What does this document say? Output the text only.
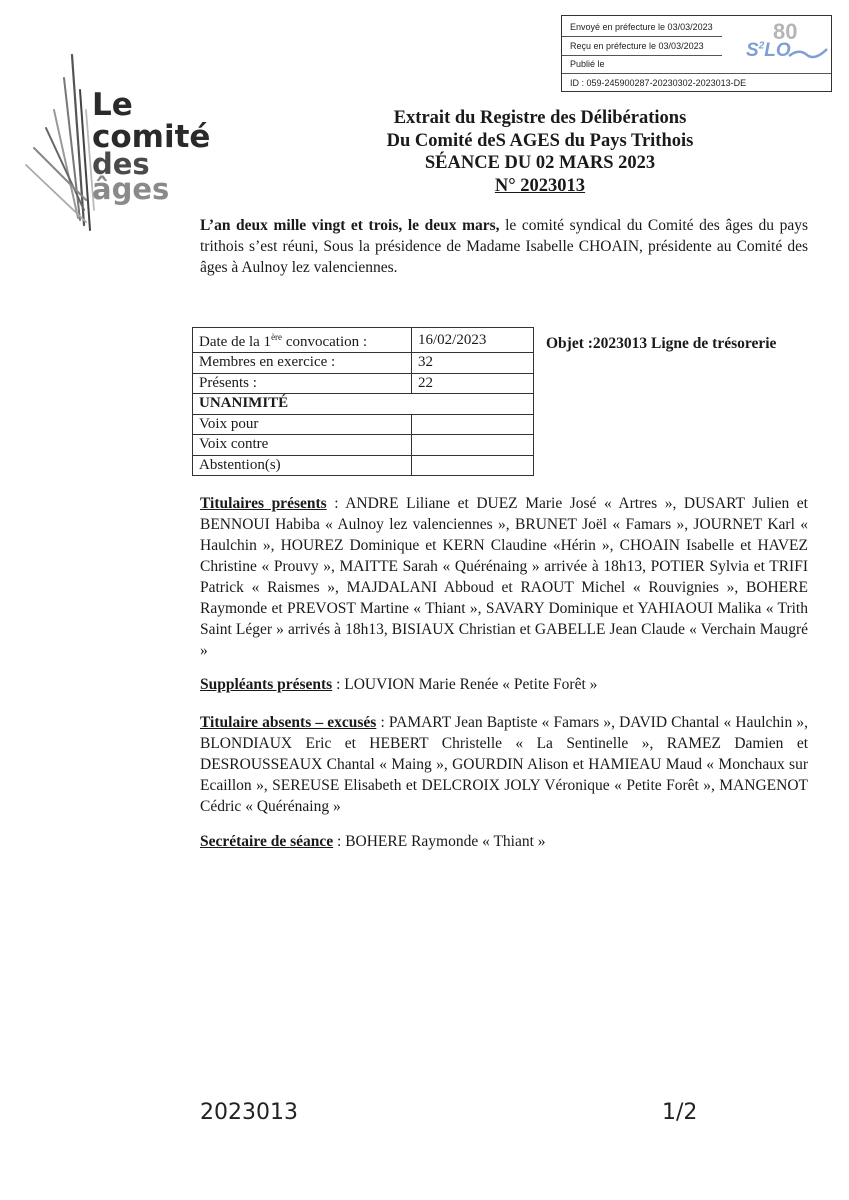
Envoyé en préfecture le 03/03/2023
Reçu en préfecture le 03/03/2023
Publié le
ID : 059-245900287-20230302-2023013-DE
80
$S^2LO$
Le
comité
des
âges
Extrait du Registre des Délibérations
Du Comité deS AGES du Pays Trithois
SÉANCE DU 02 MARS 2023
N° 2023013
L’an deux mille vingt et trois, le deux mars, le comité syndical du Comité des âges du pays trithois s’est réuni, Sous la présidence de Madame Isabelle CHOAIN, présidente au Comité des âges à Aulnoy lez valenciennes.
Date de la 1ère convocation :	16/02/2023
Membres en exercice :	32
Présents :	22
UNANIMITÉ	
Voix pour	
Voix contre	
Abstention(s)	
Objet :2023013 Ligne de trésorerie
Titulaires présents : ANDRE Liliane et DUEZ Marie José « Artres », DUSART Julien et BENNOUI Habiba « Aulnoy lez valenciennes », BRUNET Joël « Famars », JOURNET Karl « Haulchin », HOUREZ Dominique et KERN Claudine «Hérin », CHOAIN Isabelle et HAVEZ Christine « Prouvy », MAITTE Sarah « Quérénaing » arrivée à 18h13, POTIER Sylvia et TRIFI Patrick « Raismes », MAJDALANI Abboud et RAOUT Michel « Rouvignies », BOHERE Raymonde et PREVOST Martine « Thiant », SAVARY Dominique et YAHIAOUI Malika « Trith Saint Léger » arrivés à 18h13, BISIAUX Christian et GABELLE Jean Claude « Verchain Maugré »
Suppléants présents : LOUVION Marie Renée « Petite Forêt »
Titulaire absents – excusés : PAMART Jean Baptiste « Famars », DAVID Chantal « Haulchin », BLONDIAUX Eric et HEBERT Christelle « La Sentinelle », RAMEZ Damien et DESROUSSEAUX Chantal « Maing », GOURDIN Alison et HAMIEAU Maud « Monchaux sur Ecaillon », SEREUSE Elisabeth et DELCROIX JOLY Véronique « Petite Forêt », MANGENOT Cédric « Quérénaing »
Secrétaire de séance : BOHERE Raymonde « Thiant »
2023013	1/2
